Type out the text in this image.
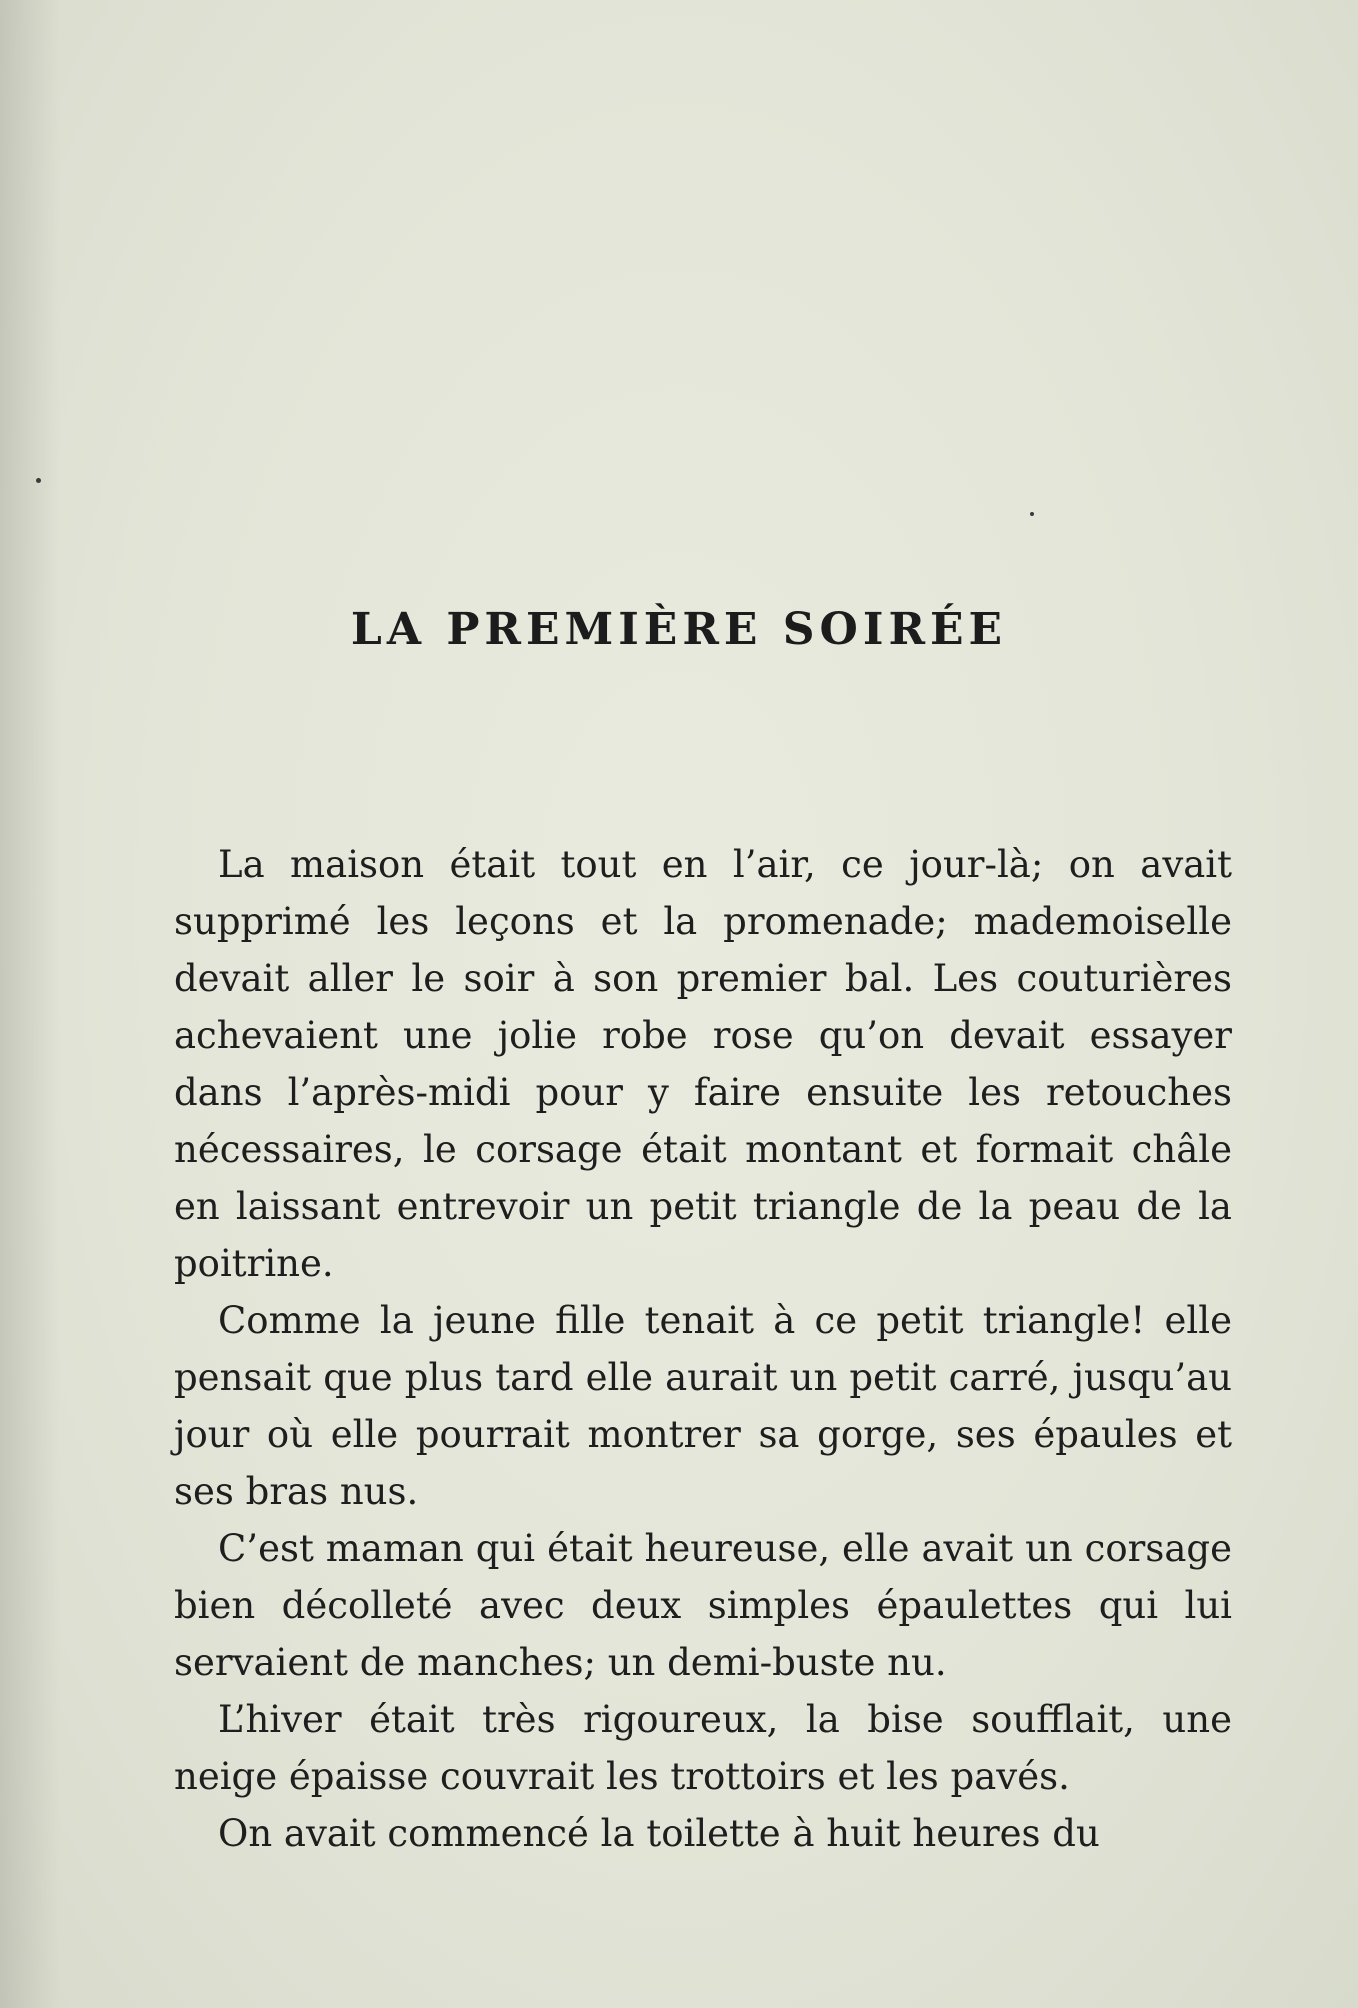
LA PREMIÈRE SOIRÉE

La maison était tout en l’air, ce jour-là; on avait supprimé les leçons et la promenade; mademoiselle devait aller le soir à son premier bal. Les couturières achevaient une jolie robe rose qu’on devait essayer dans l’après-midi pour y faire ensuite les retouches nécessaires, le corsage était montant et formait châle en laissant entrevoir un petit triangle de la peau de la poitrine.

Comme la jeune fille tenait à ce petit triangle! elle pensait que plus tard elle aurait un petit carré, jusqu’au jour où elle pourrait montrer sa gorge, ses épaules et ses bras nus.

C’est maman qui était heureuse, elle avait un corsage bien décolleté avec deux simples épaulettes qui lui servaient de manches; un demi-buste nu.

L’hiver était très rigoureux, la bise soufflait, une neige épaisse couvrait les trottoirs et les pavés.

On avait commencé la toilette à huit heures du
